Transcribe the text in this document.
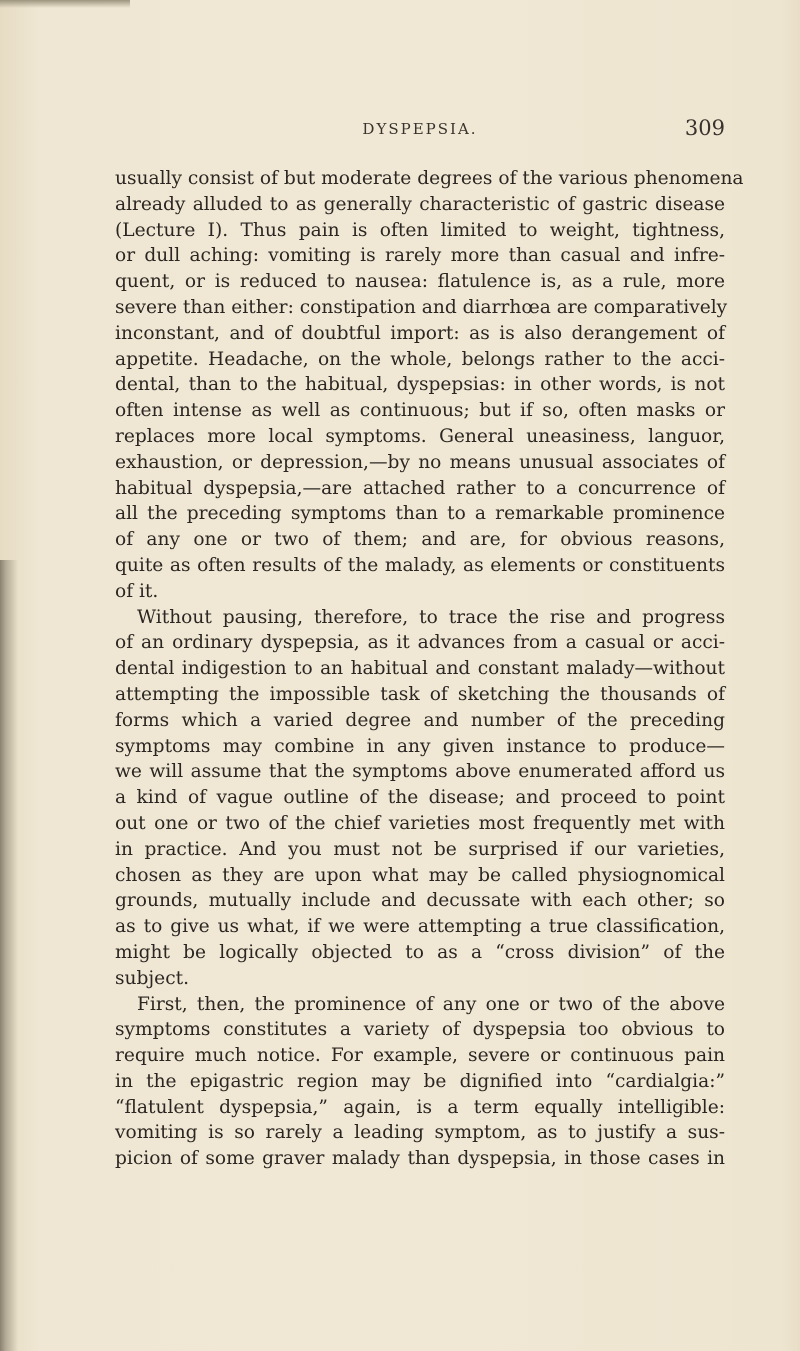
DYSPEPSIA.	309
usually consist of but moderate degrees of the various phenomena
already alluded to as generally characteristic of gastric disease
(Lecture I). Thus pain is often limited to weight, tightness,
or dull aching: vomiting is rarely more than casual and infre-
quent, or is reduced to nausea: flatulence is, as a rule, more
severe than either: constipation and diarrhœa are comparatively
inconstant, and of doubtful import: as is also derangement of
appetite. Headache, on the whole, belongs rather to the acci-
dental, than to the habitual, dyspepsias: in other words, is not
often intense as well as continuous; but if so, often masks or
replaces more local symptoms. General uneasiness, languor,
exhaustion, or depression,—by no means unusual associates of
habitual dyspepsia,—are attached rather to a concurrence of
all the preceding symptoms than to a remarkable prominence
of any one or two of them; and are, for obvious reasons,
quite as often results of the malady, as elements or constituents
of it.
Without pausing, therefore, to trace the rise and progress
of an ordinary dyspepsia, as it advances from a casual or acci-
dental indigestion to an habitual and constant malady—without
attempting the impossible task of sketching the thousands of
forms which a varied degree and number of the preceding
symptoms may combine in any given instance to produce—
we will assume that the symptoms above enumerated afford us
a kind of vague outline of the disease; and proceed to point
out one or two of the chief varieties most frequently met with
in practice. And you must not be surprised if our varieties,
chosen as they are upon what may be called physiognomical
grounds, mutually include and decussate with each other; so
as to give us what, if we were attempting a true classification,
might be logically objected to as a “cross division” of the
subject.
First, then, the prominence of any one or two of the above
symptoms constitutes a variety of dyspepsia too obvious to
require much notice. For example, severe or continuous pain
in the epigastric region may be dignified into “cardialgia:”
“flatulent dyspepsia,” again, is a term equally intelligible:
vomiting is so rarely a leading symptom, as to justify a sus-
picion of some graver malady than dyspepsia, in those cases in
